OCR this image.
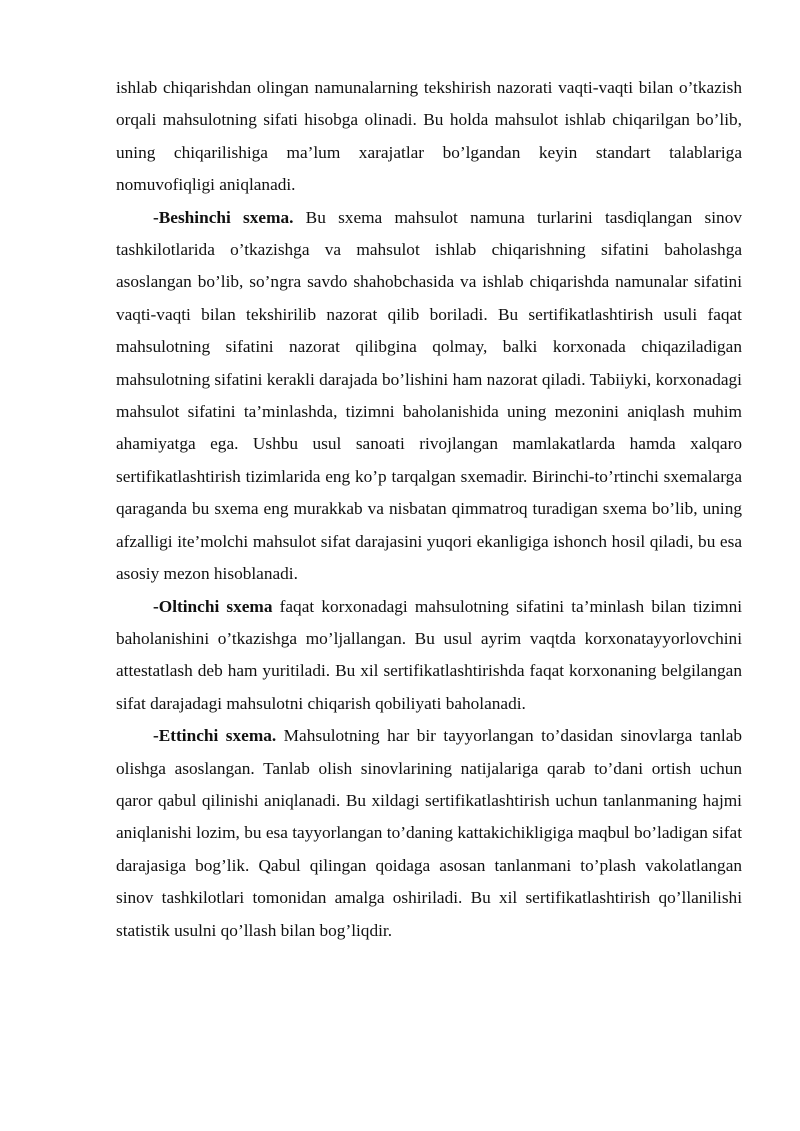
ishlab chiqarishdan olingan namunalarning tekshirish nazorati vaqti-vaqti bilan o’tkazish orqali mahsulotning sifati hisobga olinadi. Bu holda mahsulot ishlab chiqarilgan bo’lib, uning chiqarilishiga ma’lum xarajatlar bo’lgandan keyin standart talablariga nomuvofiqligi aniqlanadi.

-Beshinchi sxema. Bu sxema mahsulot namuna turlarini tasdiqlangan sinov tashkilotlarida o’tkazishga va mahsulot ishlab chiqarishning sifatini baholashga asoslangan bo’lib, so’ngra savdo shahobchasida va ishlab chiqarishda namunalar sifatini vaqti-vaqti bilan tekshirilib nazorat qilib boriladi. Bu sertifikatlashtirish usuli faqat mahsulotning sifatini nazorat qilibgina qolmay, balki korxonada chiqaziladigan mahsulotning sifatini kerakli darajada bo’lishini ham nazorat qiladi. Tabiiyki, korxonadagi mahsulot sifatini ta’minlashda, tizimni baholanishida uning mezonini aniqlash muhim ahamiyatga ega. Ushbu usul sanoati rivojlangan mamlakatlarda hamda xalqaro sertifikatlashtirish tizimlarida eng ko’p tarqalgan sxemadir. Birinchi-to’rtinchi sxemalarga qaraganda bu sxema eng murakkab va nisbatan qimmatroq turadigan sxema bo’lib, uning afzalligi ite’molchi mahsulot sifat darajasini yuqori ekanligiga ishonch hosil qiladi, bu esa asosiy mezon hisoblanadi.

-Oltinchi sxema faqat korxonadagi mahsulotning sifatini ta’minlash bilan tizimni baholanishini o’tkazishga mo’ljallangan. Bu usul ayrim vaqtda korxonatayyorlovchini attestatlash deb ham yuritiladi. Bu xil sertifikatlashtirishda faqat korxonaning belgilangan sifat darajadagi mahsulotni chiqarish qobiliyati baholanadi.

-Ettinchi sxema. Mahsulotning har bir tayyorlangan to’dasidan sinovlarga tanlab olishga asoslangan. Tanlab olish sinovlarining natijalariga qarab to’dani ortish uchun qaror qabul qilinishi aniqlanadi. Bu xildagi sertifikatlashtirish uchun tanlanmaning hajmi aniqlanishi lozim, bu esa tayyorlangan to’daning kattakichikligiga maqbul bo’ladigan sifat darajasiga bog’lik. Qabul qilingan qoidaga asosan tanlanmani to’plash vakolatlangan sinov tashkilotlari tomonidan amalga oshiriladi. Bu xil sertifikatlashtirish qo’llanilishi statistik usulni qo’llash bilan bog’liqdir.
